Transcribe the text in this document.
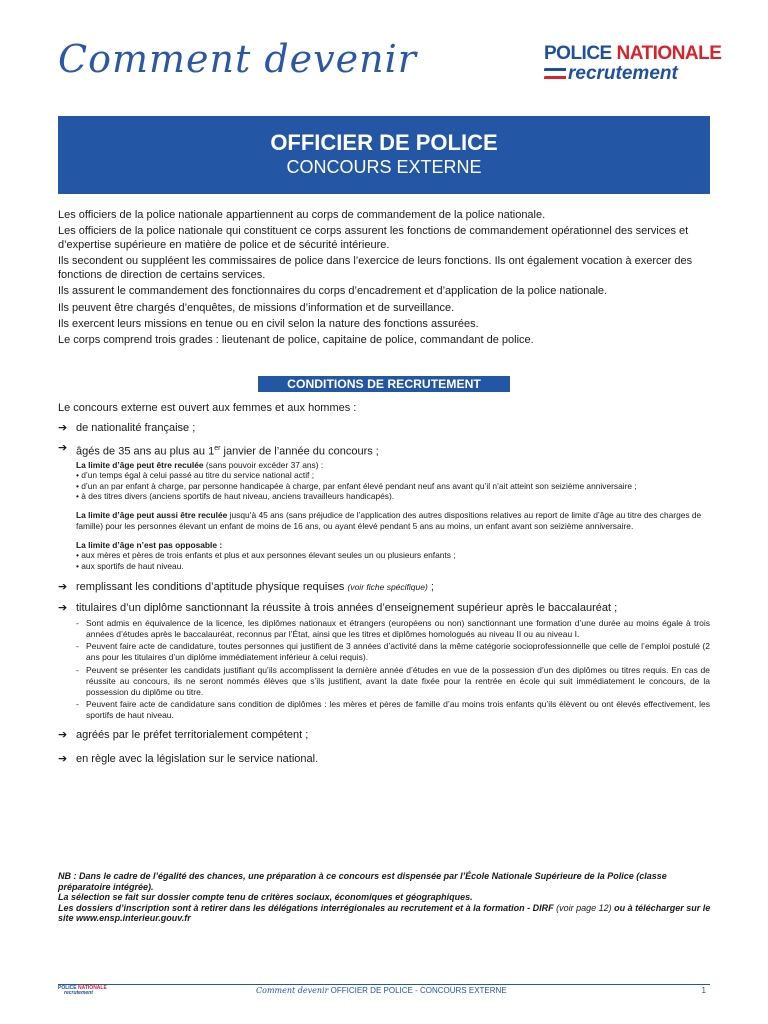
Comment devenir	POLICE NATIONALE
recrutement
OFFICIER DE POLICE
CONCOURS EXTERNE

Les officiers de la police nationale appartiennent au corps de commandement de la police nationale.

Les officiers de la police nationale qui constituent ce corps assurent les fonctions de commandement opérationnel des services et d’expertise supérieure en matière de police et de sécurité intérieure.

Ils secondent ou suppléent les commissaires de police dans l’exercice de leurs fonctions. Ils ont également vocation à exercer des fonctions de direction de certains services.

Ils assurent le commandement des fonctionnaires du corps d’encadrement et d’application de la police nationale.

Ils peuvent être chargés d’enquêtes, de missions d’information et de surveillance.

Ils exercent leurs missions en tenue ou en civil selon la nature des fonctions assurées.

Le corps comprend trois grades : lieutenant de police, capitaine de police, commandant de police.

CONDITIONS DE RECRUTEMENT

Le concours externe est ouvert aux femmes et aux hommes :

➔ de nationalité française ;
➔ âgés de 35 ans au plus au 1er janvier de l’année du concours ;
La limite d’âge peut être reculée (sans pouvoir excéder 37 ans) :
• d’un temps égal à celui passé au titre du service national actif ;
• d’un an par enfant à charge, par personne handicapée à charge, par enfant élevé pendant neuf ans avant qu’il n’ait atteint son seizième anniversaire ;
• à des titres divers (anciens sportifs de haut niveau, anciens travailleurs handicapés).
La limite d’âge peut aussi être reculée jusqu’à 45 ans (sans préjudice de l’application des autres dispositions relatives au report de limite d’âge au titre des charges de famille) pour les personnes élevant un enfant de moins de 16 ans, ou ayant élevé pendant 5 ans au moins, un enfant avant son seizième anniversaire.
La limite d’âge n’est pas opposable :
• aux mères et pères de trois enfants et plus et aux personnes élevant seules un ou plusieurs enfants ;
• aux sportifs de haut niveau.
➔ remplissant les conditions d’aptitude physique requises (voir fiche spécifique) ;
➔ titulaires d’un diplôme sanctionnant la réussite à trois années d’enseignement supérieur après le baccalauréat ;
- Sont admis en équivalence de la licence, les diplômes nationaux et étrangers (européens ou non) sanctionnant une formation d’une durée au moins égale à trois années d’études après le baccalauréat, reconnus par l’État, ainsi que les titres et diplômes homologués au niveau II ou au niveau I.
- Peuvent faire acte de candidature, toutes personnes qui justifient de 3 années d’activité dans la même catégorie socioprofessionnelle que celle de l’emploi postulé (2 ans pour les titulaires d’un diplôme immédiatement inférieur à celui requis).
- Peuvent se présenter les candidats justifiant qu’ils accomplissent la dernière année d’études en vue de la possession d’un des diplômes ou titres requis. En cas de réussite au concours, ils ne seront nommés élèves que s’ils justifient, avant la date fixée pour la rentrée en école qui suit immédiatement le concours, de la possession du diplôme ou titre.
- Peuvent faire acte de candidature sans condition de diplômes : les mères et pères de famille d’au moins trois enfants qu’ils élèvent ou ont élevés effectivement, les sportifs de haut niveau.
➔ agréés par le préfet territorialement compétent ;
➔ en règle avec la législation sur le service national.
NB : Dans le cadre de l’égalité des chances, une préparation à ce concours est dispensée par l’École Nationale Supérieure de la Police (classe préparatoire intégrée).
La sélection se fait sur dossier compte tenu de critères sociaux, économiques et géographiques.
Les dossiers d’inscription sont à retirer dans les délégations interrégionales au recrutement et à la formation - DIRF (voir page 12) ou à télécharger sur le site www.ensp.interieur.gouv.fr
POLICE NATIONALE
recrutement	Comment devenir OFFICIER DE POLICE - CONCOURS EXTERNE	1
